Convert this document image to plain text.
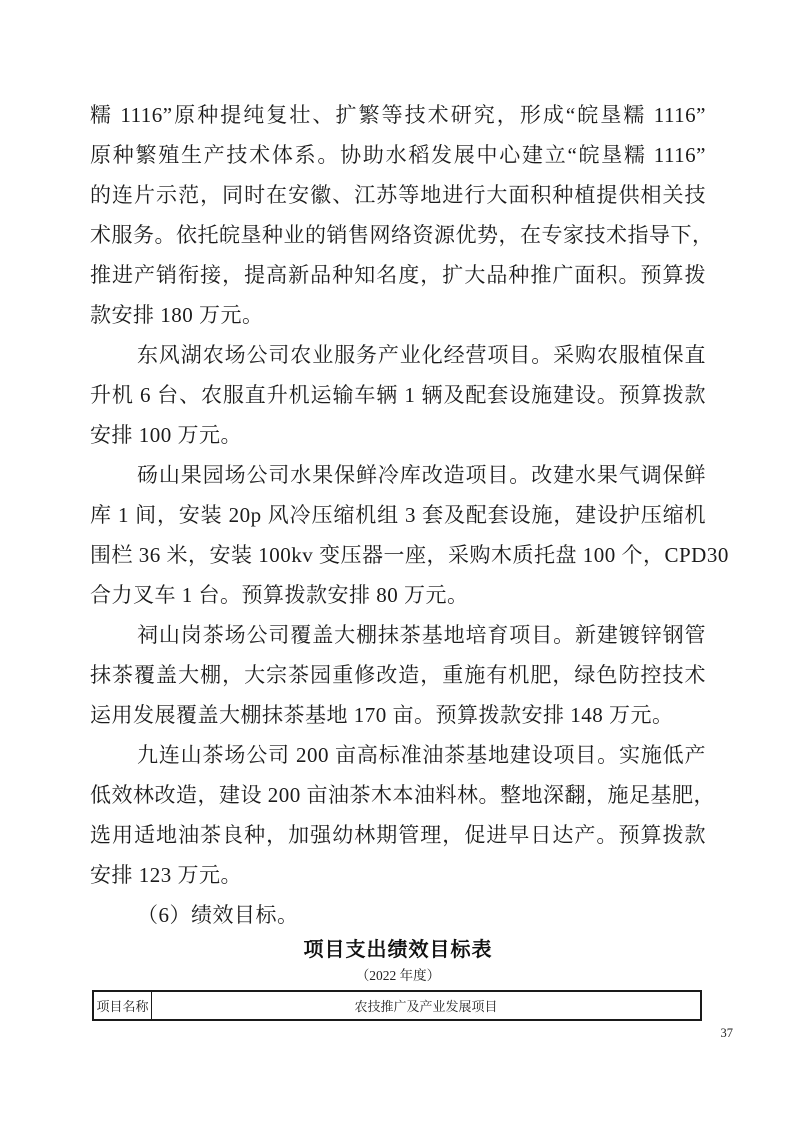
糯 1116”原种提纯复壮、扩繁等技术研究，形成“皖垦糯 1116”
原种繁殖生产技术体系。协助水稻发展中心建立“皖垦糯 1116”
的连片示范，同时在安徽、江苏等地进行大面积种植提供相关技
术服务。依托皖垦种业的销售网络资源优势，在专家技术指导下，
推进产销衔接，提高新品种知名度，扩大品种推广面积。预算拨
款安排 180 万元。
东风湖农场公司农业服务产业化经营项目。采购农服植保直
升机 6 台、农服直升机运输车辆 1 辆及配套设施建设。预算拨款
安排 100 万元。
砀山果园场公司水果保鲜冷库改造项目。改建水果气调保鲜
库 1 间，安装 20p 风冷压缩机组 3 套及配套设施，建设护压缩机
围栏 36 米，安装 100kv 变压器一座，采购木质托盘 100 个，CPD30
合力叉车 1 台。预算拨款安排 80 万元。
祠山岗茶场公司覆盖大棚抹茶基地培育项目。新建镀锌钢管
抹茶覆盖大棚，大宗茶园重修改造，重施有机肥，绿色防控技术
运用发展覆盖大棚抹茶基地 170 亩。预算拨款安排 148 万元。
九连山茶场公司 200 亩高标准油茶基地建设项目。实施低产
低效林改造，建设 200 亩油茶木本油料林。整地深翻，施足基肥，
选用适地油茶良种，加强幼林期管理，促进早日达产。预算拨款
安排 123 万元。
（6）绩效目标。
项目支出绩效目标表
（2022 年度）
项目名称	农技推广及产业发展项目
37
